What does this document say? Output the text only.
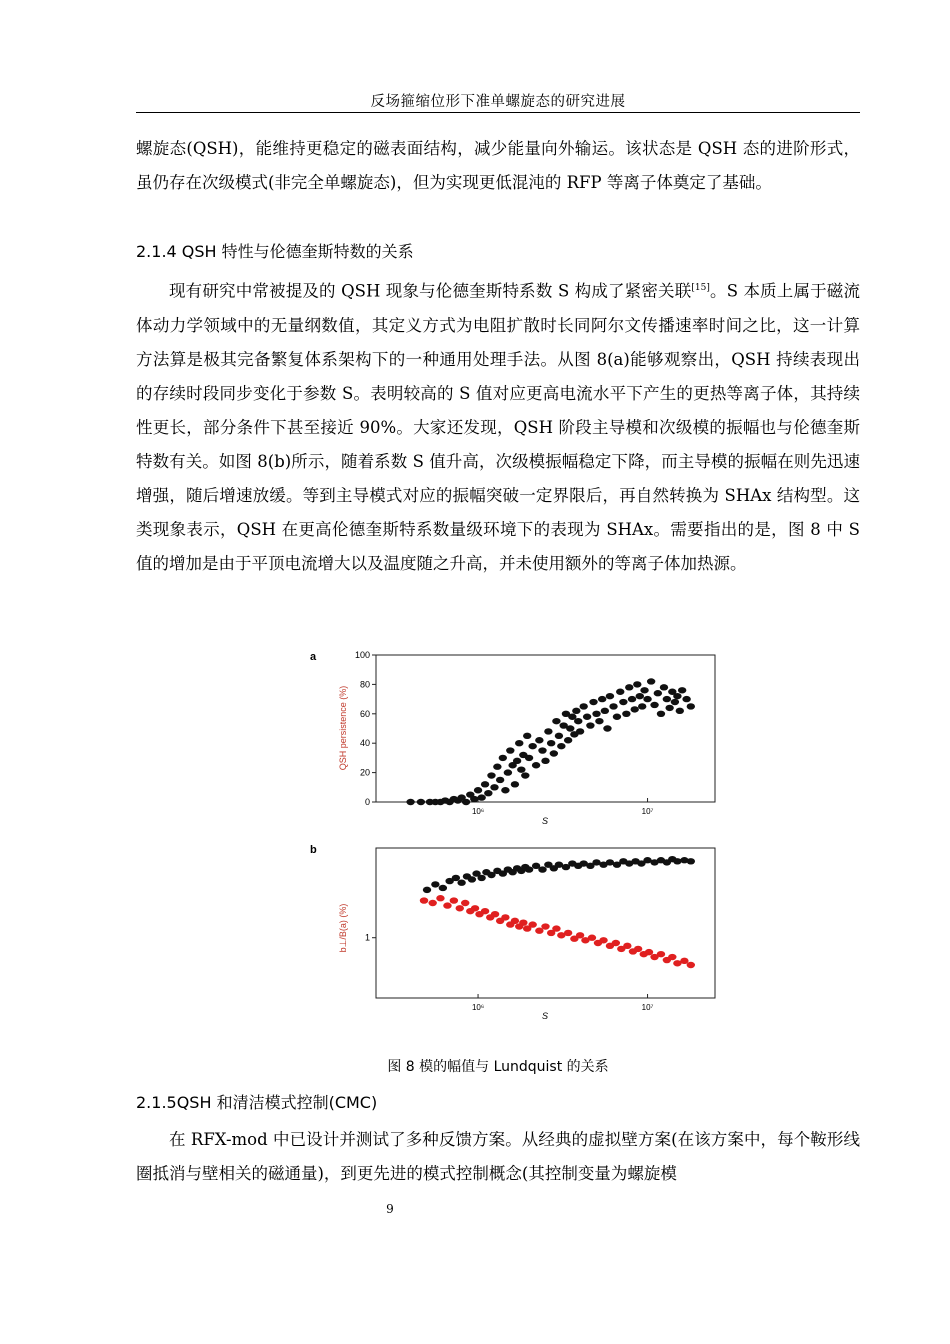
反场箍缩位形下准单螺旋态的研究进展
螺旋态(QSH)，能维持更稳定的磁表面结构，减少能量向外输运。该状态是 QSH 态的进阶形式，虽仍存在次级模式(非完全单螺旋态)，但为实现更低混沌的 RFP 等离子体奠定了基础。
2.1.4 QSH 特性与伦德奎斯特数的关系
现有研究中常被提及的 QSH 现象与伦德奎斯特系数 S 构成了紧密关联[15]。S 本质上属于磁流体动力学领域中的无量纲数值，其定义方式为电阻扩散时长同阿尔文传播速率时间之比，这一计算方法算是极其完备繁复体系架构下的一种通用处理手法。从图 8(a)能够观察出，QSH 持续表现出的存续时段同步变化于参数 S。表明较高的 S 值对应更高电流水平下产生的更热等离子体，其持续性更长，部分条件下甚至接近 90%。大家还发现，QSH 阶段主导模和次级模的振幅也与伦德奎斯特数有关。如图 8(b)所示，随着系数 S 值升高，次级模振幅稳定下降，而主导模的振幅在则先迅速增强，随后增速放缓。等到主导模式对应的振幅突破一定界限后，再自然转换为 SHAx 结构型。这类现象表示，QSH 在更高伦德奎斯特系数量级环境下的表现为 SHAx。需要指出的是，图 8 中 S 值的增加是由于平顶电流增大以及温度随之升高，并未使用额外的等离子体加热源。
a
0
20
40
60
80
100
10⁶	10⁷
QSH persistence (%)
S
b
1
10⁶	10⁷
b⊥/B(a) (%)
S
图 8 模的幅值与 Lundquist 的关系
2.1.5QSH 和清洁模式控制(CMC)
在 RFX-mod 中已设计并测试了多种反馈方案。从经典的虚拟壁方案(在该方案中，每个鞍形线圈抵消与壁相关的磁通量)，到更先进的模式控制概念(其控制变量为螺旋模
9
